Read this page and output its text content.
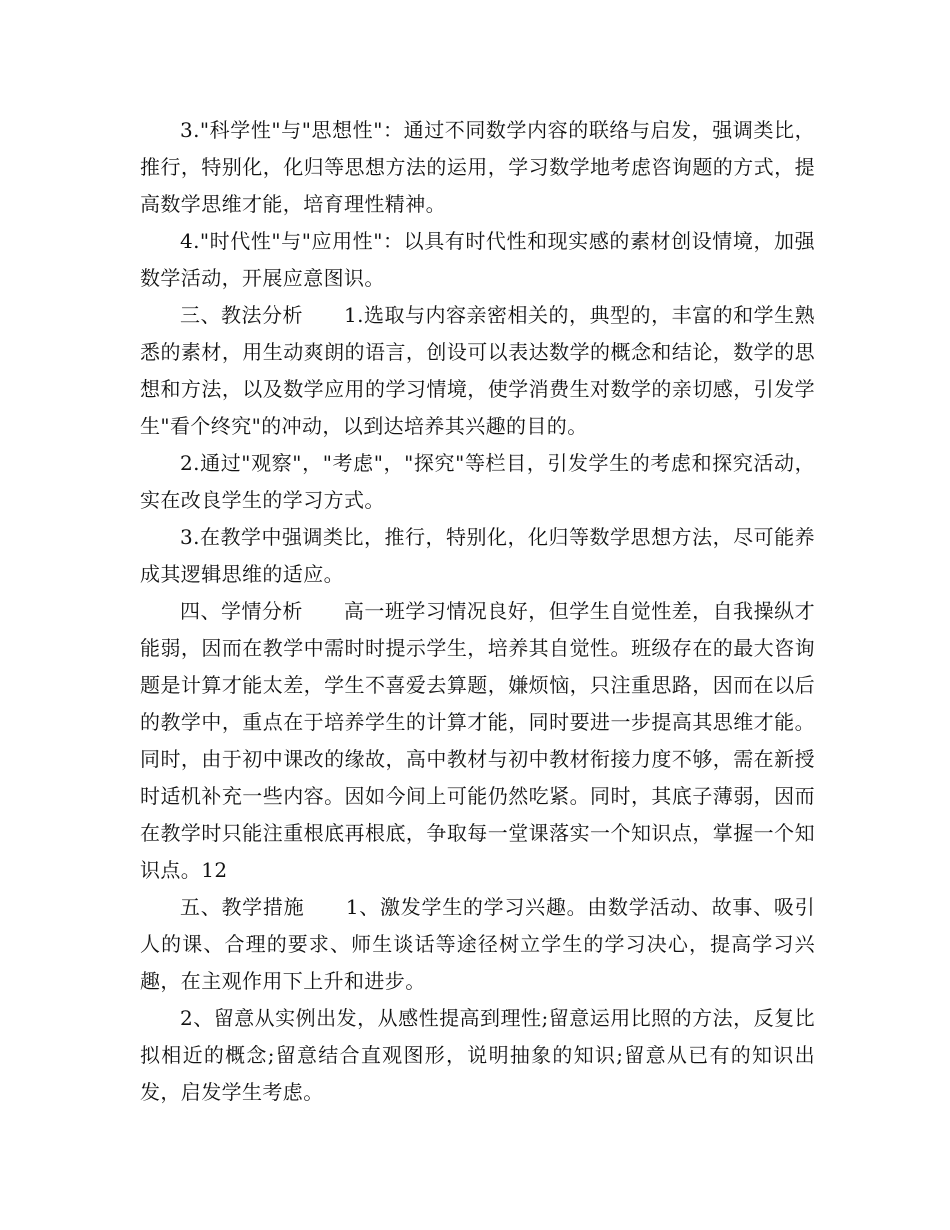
3."科学性"与"思想性"：通过不同数学内容的联络与启发，强调类比，推行，特别化，化归等思想方法的运用，学习数学地考虑咨询题的方式，提高数学思维才能，培育理性精神。

4."时代性"与"应用性"：以具有时代性和现实感的素材创设情境，加强数学活动，开展应意图识。

三、教法分析　　1.选取与内容亲密相关的，典型的，丰富的和学生熟悉的素材，用生动爽朗的语言，创设可以表达数学的概念和结论，数学的思想和方法，以及数学应用的学习情境，使学消费生对数学的亲切感，引发学生"看个终究"的冲动，以到达培养其兴趣的目的。

2.通过"观察"，"考虑"，"探究"等栏目，引发学生的考虑和探究活动，实在改良学生的学习方式。

3.在教学中强调类比，推行，特别化，化归等数学思想方法，尽可能养成其逻辑思维的适应。

四、学情分析　　高一班学习情况良好，但学生自觉性差，自我操纵才能弱，因而在教学中需时时提示学生，培养其自觉性。班级存在的最大咨询题是计算才能太差，学生不喜爱去算题，嫌烦恼，只注重思路，因而在以后的教学中，重点在于培养学生的计算才能，同时要进一步提高其思维才能。同时，由于初中课改的缘故，高中教材与初中教材衔接力度不够，需在新授时适机补充一些内容。因如今间上可能仍然吃紧。同时，其底子薄弱，因而在教学时只能注重根底再根底，争取每一堂课落实一个知识点，掌握一个知识点。12

五、教学措施　　1、激发学生的学习兴趣。由数学活动、故事、吸引人的课、合理的要求、师生谈话等途径树立学生的学习决心，提高学习兴趣，在主观作用下上升和进步。

2、留意从实例出发，从感性提高到理性;留意运用比照的方法，反复比拟相近的概念;留意结合直观图形，说明抽象的知识;留意从已有的知识出发，启发学生考虑。
